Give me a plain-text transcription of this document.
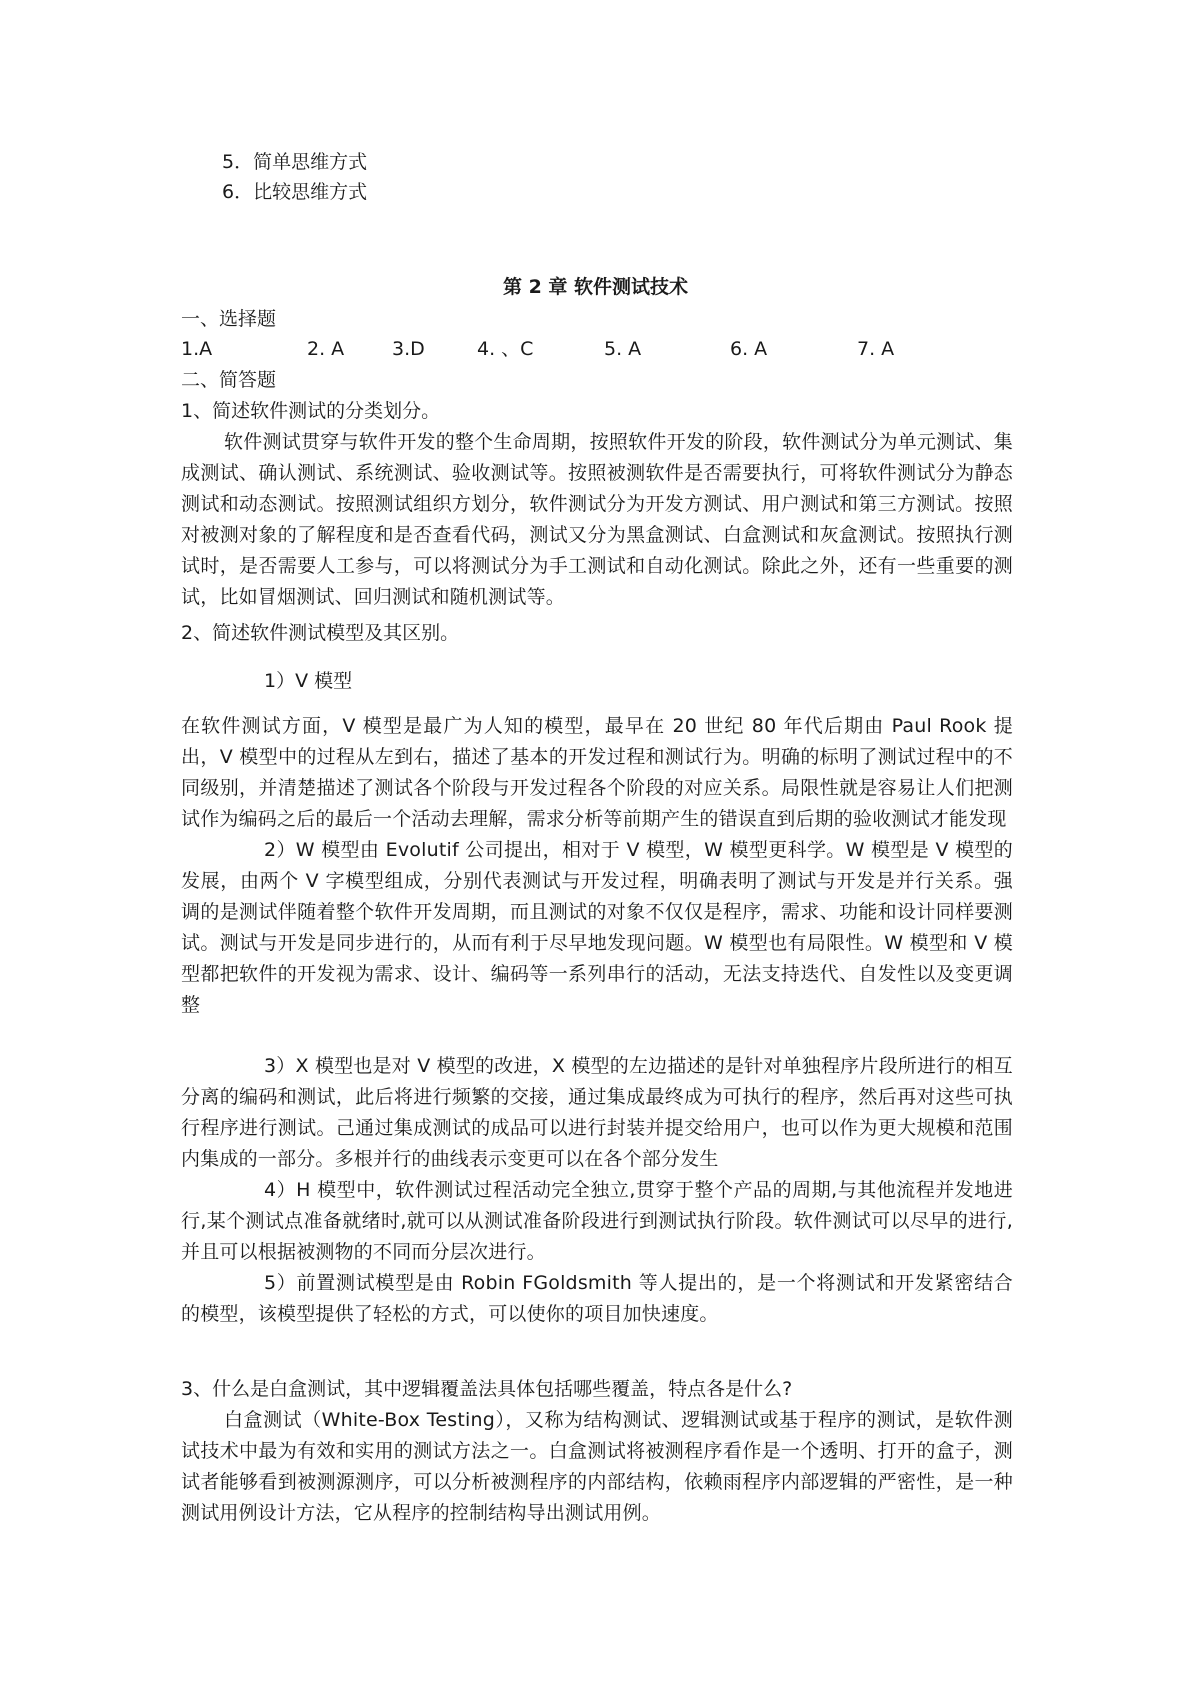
5．简单思维方式
6．比较思维方式
第 2 章 软件测试技术
一、选择题
1.A	2. A	3.D	4. 、C	5. A	6. A	7. A
二、简答题
1、简述软件测试的分类划分。
软件测试贯穿与软件开发的整个生命周期，按照软件开发的阶段，软件测试分为单元测试、集成测试、确认测试、系统测试、验收测试等。按照被测软件是否需要执行，可将软件测试分为静态测试和动态测试。按照测试组织方划分，软件测试分为开发方测试、用户测试和第三方测试。按照对被测对象的了解程度和是否查看代码，测试又分为黑盒测试、白盒测试和灰盒测试。按照执行测试时，是否需要人工参与，可以将测试分为手工测试和自动化测试。除此之外，还有一些重要的测试，比如冒烟测试、回归测试和随机测试等。
2、简述软件测试模型及其区别。
1）V 模型
在软件测试方面，V 模型是最广为人知的模型，最早在 20 世纪 80 年代后期由 Paul Rook 提出，V 模型中的过程从左到右，描述了基本的开发过程和测试行为。明确的标明了测试过程中的不同级别，并清楚描述了测试各个阶段与开发过程各个阶段的对应关系。局限性就是容易让人们把测试作为编码之后的最后一个活动去理解，需求分析等前期产生的错误直到后期的验收测试才能发现
2）W 模型由 Evolutif 公司提出，相对于 V 模型，W 模型更科学。W 模型是 V 模型的发展，由两个 V 字模型组成，分别代表测试与开发过程，明确表明了测试与开发是并行关系。强调的是测试伴随着整个软件开发周期，而且测试的对象不仅仅是程序，需求、功能和设计同样要测试。测试与开发是同步进行的，从而有利于尽早地发现问题。W 模型也有局限性。W 模型和 V 模型都把软件的开发视为需求、设计、编码等一系列串行的活动，无法支持迭代、自发性以及变更调整
3）X 模型也是对 V 模型的改进，X 模型的左边描述的是针对单独程序片段所进行的相互分离的编码和测试，此后将进行频繁的交接，通过集成最终成为可执行的程序，然后再对这些可执行程序进行测试。己通过集成测试的成品可以进行封装并提交给用户，也可以作为更大规模和范围内集成的一部分。多根并行的曲线表示变更可以在各个部分发生
4）H 模型中，软件测试过程活动完全独立,贯穿于整个产品的周期,与其他流程并发地进行,某个测试点准备就绪时,就可以从测试准备阶段进行到测试执行阶段。软件测试可以尽早的进行,并且可以根据被测物的不同而分层次进行。
5）前置测试模型是由 Robin FGoldsmith 等人提出的，是一个将测试和开发紧密结合的模型，该模型提供了轻松的方式，可以使你的项目加快速度。
3、什么是白盒测试，其中逻辑覆盖法具体包括哪些覆盖，特点各是什么?
白盒测试（White-Box Testing），又称为结构测试、逻辑测试或基于程序的测试，是软件测试技术中最为有效和实用的测试方法之一。白盒测试将被测程序看作是一个透明、打开的盒子，测试者能够看到被测源测序，可以分析被测程序的内部结构，依赖雨程序内部逻辑的严密性，是一种测试用例设计方法，它从程序的控制结构导出测试用例。
